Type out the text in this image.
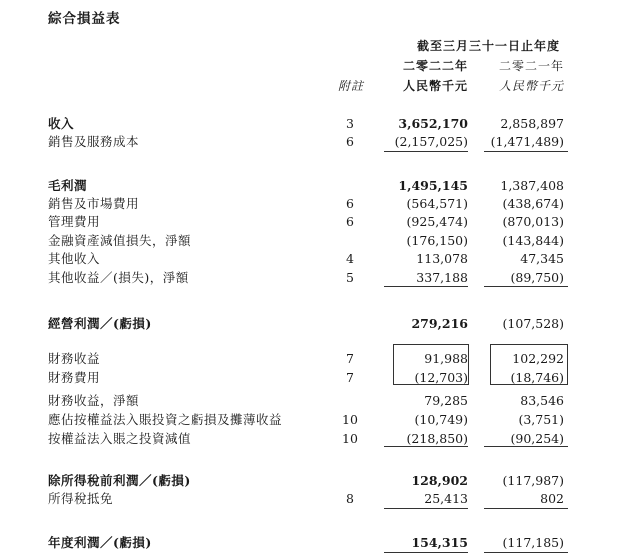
綜合損益表
截至三月三十一日止年度
二零二二年	二零二一年
附註	人民幣千元	人民幣千元
收入	3	3,652,170	2,858,897
銷售及服務成本	6	(2,157,025) (1,471,489)
毛利潤	1,495,145	1,387,408
銷售及市場費用	6	(564,571)	(438,674)
管理費用	6	(925,474)	(870,013)
金融資產減值損失，淨額	(176,150)	(143,844)
其他收入	4	113,078	47,345
其他收益／(損失)，淨額	5	337,188	(89,750)
經營利潤／(虧損)	279,216	(107,528)
財務收益	7	91,988	102,292
財務費用	7	(12,703)	(18,746)
財務收益，淨額	79,285	83,546
應佔按權益法入賬投資之虧損及攤薄收益	10	(10,749)	(3,751)
按權益法入賬之投資減值	10	(218,850)	(90,254)
除所得稅前利潤／(虧損)	128,902	(117,987)
所得稅抵免	8	25,413	802
年度利潤／(虧損)	154,315	(117,185)
